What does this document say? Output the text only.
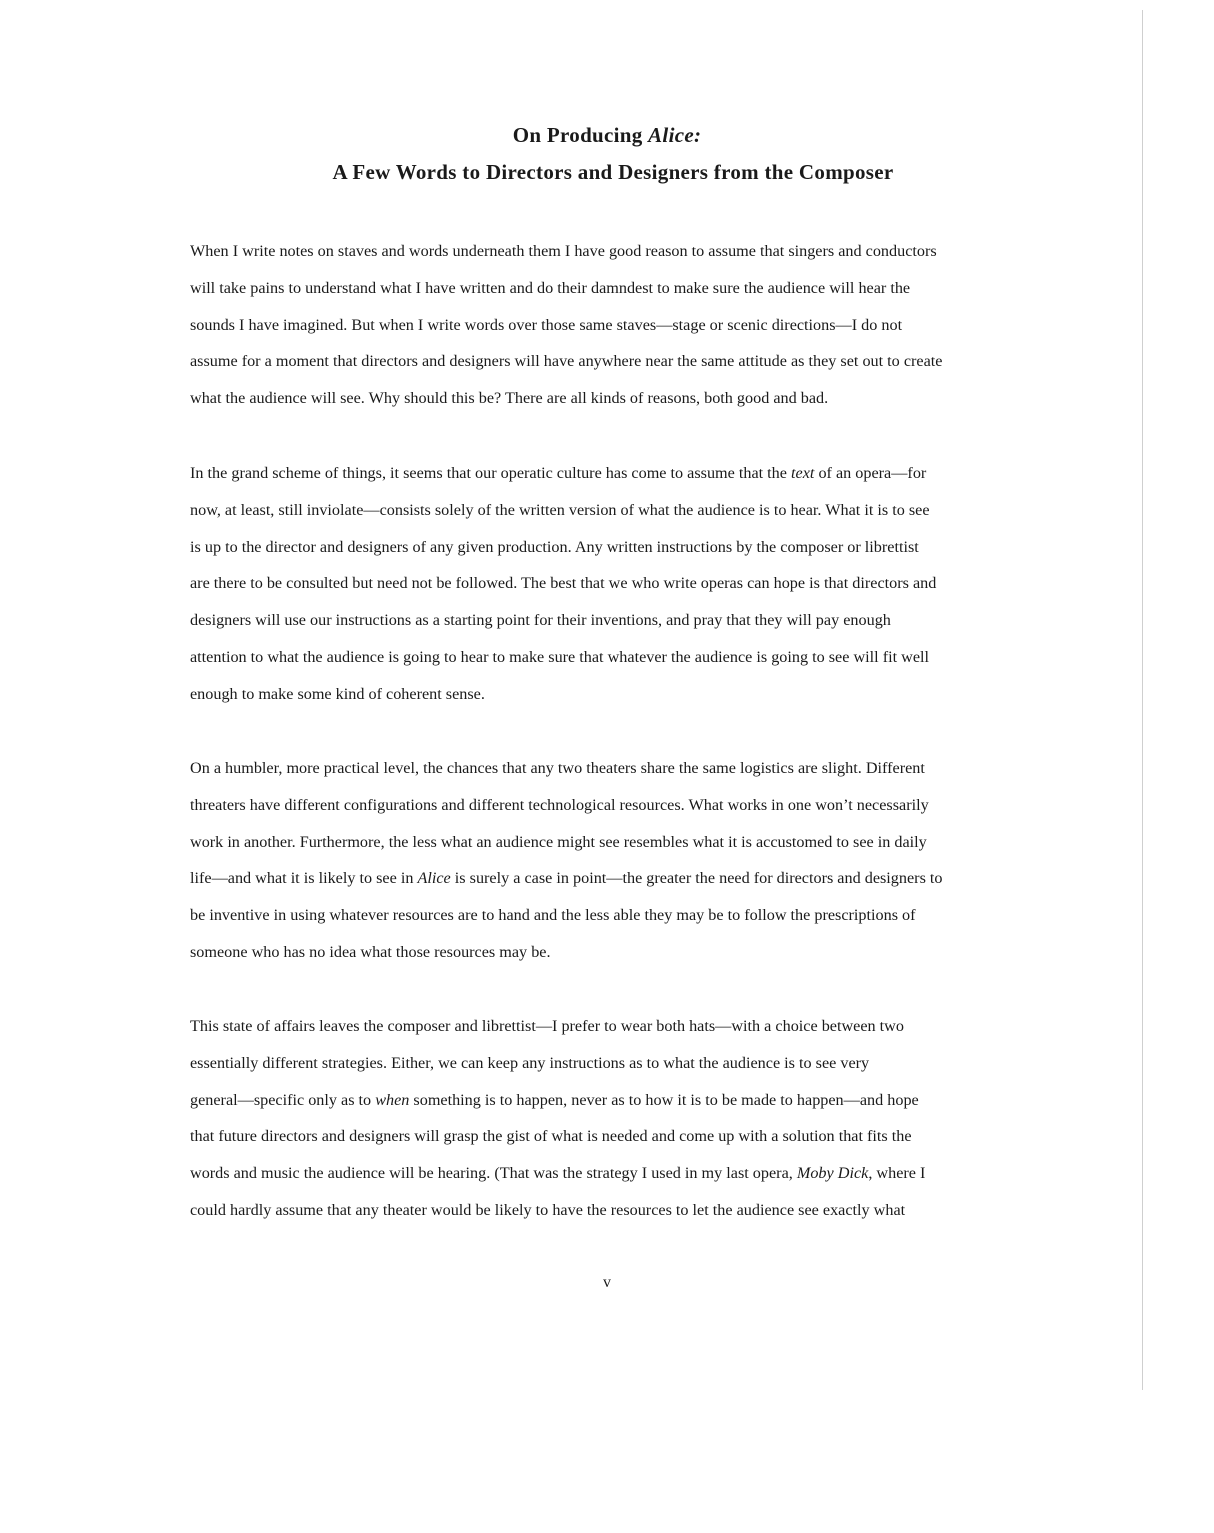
On Producing Alice:
A Few Words to Directors and Designers from the Composer
When I write notes on staves and words underneath them I have good reason to assume that singers and conductors
will take pains to understand what I have written and do their damndest to make sure the audience will hear the
sounds I have imagined. But when I write words over those same staves—stage or scenic directions—I do not
assume for a moment that directors and designers will have anywhere near the same attitude as they set out to create
what the audience will see. Why should this be? There are all kinds of reasons, both good and bad.
In the grand scheme of things, it seems that our operatic culture has come to assume that the text of an opera—for
now, at least, still inviolate—consists solely of the written version of what the audience is to hear. What it is to see
is up to the director and designers of any given production. Any written instructions by the composer or librettist
are there to be consulted but need not be followed. The best that we who write operas can hope is that directors and
designers will use our instructions as a starting point for their inventions, and pray that they will pay enough
attention to what the audience is going to hear to make sure that whatever the audience is going to see will fit well
enough to make some kind of coherent sense.
On a humbler, more practical level, the chances that any two theaters share the same logistics are slight. Different
threaters have different configurations and different technological resources. What works in one won’t necessarily
work in another. Furthermore, the less what an audience might see resembles what it is accustomed to see in daily
life—and what it is likely to see in Alice is surely a case in point—the greater the need for directors and designers to
be inventive in using whatever resources are to hand and the less able they may be to follow the prescriptions of
someone who has no idea what those resources may be.
This state of affairs leaves the composer and librettist—I prefer to wear both hats—with a choice between two
essentially different strategies. Either, we can keep any instructions as to what the audience is to see very
general—specific only as to when something is to happen, never as to how it is to be made to happen—and hope
that future directors and designers will grasp the gist of what is needed and come up with a solution that fits the
words and music the audience will be hearing. (That was the strategy I used in my last opera, Moby Dick, where I
could hardly assume that any theater would be likely to have the resources to let the audience see exactly what
v
